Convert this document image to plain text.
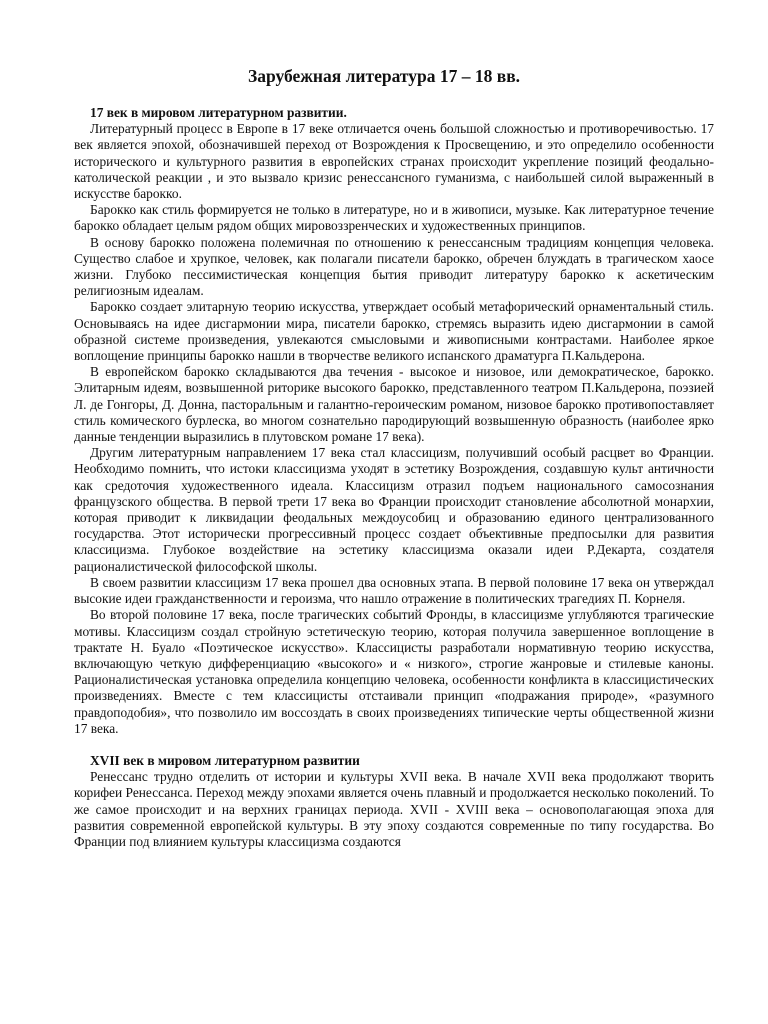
Зарубежная литература 17 – 18 вв.
17 век в мировом литературном развитии.

Литературный процесс в Европе в 17 веке отличается очень большой сложностью и противоречивостью. 17 век является эпохой, обозначившей переход от Возрождения к Просвещению, и это определило особенности исторического и культурного развития в европейских странах происходит укрепление позиций феодально-католической реакции , и это вызвало кризис ренессансного гуманизма, с наибольшей силой выраженный в искусстве барокко.

Барокко как стиль формируется не только в литературе, но и в живописи, музыке. Как литературное течение барокко обладает целым рядом общих мировоззренческих и художественных принципов.

В основу барокко положена полемичная по отношению к ренессансным традициям концепция человека. Существо слабое и хрупкое, человек, как полагали писатели барокко, обречен блуждать в трагическом хаосе жизни. Глубоко пессимистическая концепция бытия приводит литературу барокко к аскетическим религиозным идеалам.

Барокко создает элитарную теорию искусства, утверждает особый метафорический орнаментальный стиль. Основываясь на идее дисгармонии мира, писатели барокко, стремясь выразить идею дисгармонии в самой образной системе произведения, увлекаются смысловыми и живописными контрастами. Наиболее яркое воплощение принципы барокко нашли в творчестве великого испанского драматурга П.Кальдерона.

В европейском барокко складываются два течения - высокое и низовое, или демократическое, барокко. Элитарным идеям, возвышенной риторике высокого барокко, представленного театром П.Кальдерона, поэзией Л. де Гонгоры, Д. Донна, пасторальным и галантно-героическим романом, низовое барокко противопоставляет стиль комического бурлеска, во многом сознательно пародирующий возвышенную образность (наиболее ярко данные тенденции выразились в плутовском романе 17 века).

Другим литературным направлением 17 века стал классицизм, получивший особый расцвет во Франции. Необходимо помнить, что истоки классицизма уходят в эстетику Возрождения, создавшую культ античности как средоточия художественного идеала. Классицизм отразил подъем национального самосознания французского общества. В первой трети 17 века во Франции происходит становление абсолютной монархии, которая приводит к ликвидации феодальных междоусобиц и образованию единого централизованного государства. Этот исторически прогрессивный процесс создает объективные предпосылки для развития классицизма. Глубокое воздействие на эстетику классицизма оказали идеи Р.Декарта, создателя рационалистической философской школы.

В своем развитии классицизм 17 века прошел два основных этапа. В первой половине 17 века он утверждал высокие идеи гражданственности и героизма, что нашло отражение в политических трагедиях П. Корнеля.

Во второй половине 17 века, после трагических событий Фронды, в классицизме углубляются трагические мотивы. Классицизм создал стройную эстетическую теорию, которая получила завершенное воплощение в трактате Н. Буало «Поэтическое искусство». Классицисты разработали нормативную теорию искусства, включающую четкую дифференциацию «высокого» и « низкого», строгие жанровые и стилевые каноны. Рационалистическая установка определила концепцию человека, особенности конфликта в классицистических произведениях. Вместе с тем классицисты отстаивали принцип «подражания природе», «разумного правдоподобия», что позволило им воссоздать в своих произведениях типические черты общественной жизни 17 века.

XVII век в мировом литературном развитии

Ренессанс трудно отделить от истории и культуры XVII века. В начале XVII века продолжают творить корифеи Ренессанса. Переход между эпохами является очень плавный и продолжается несколько поколений. То же самое происходит и на верхних границах периода. XVII - XVIII века – основополагающая эпоха для развития современной европейской культуры. В эту эпоху создаются современные по типу государства. Во Франции под влиянием культуры классицизма создаются
